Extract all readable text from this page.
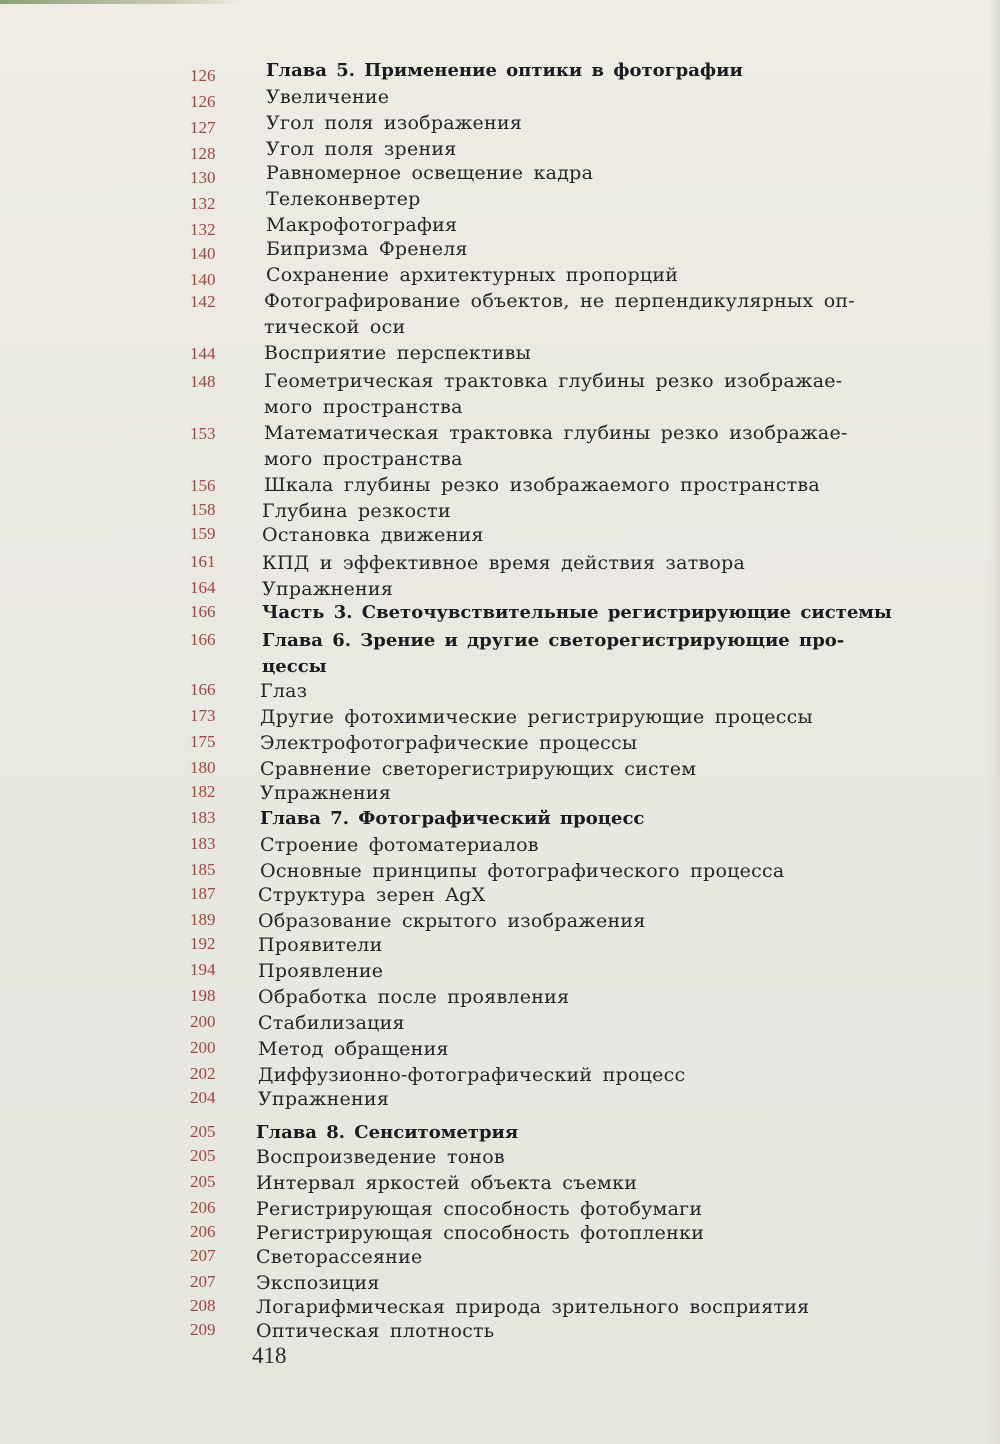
126	Глава 5. Применение оптики в фотографии
126	Увеличение
127	Угол поля изображения
128	Угол поля зрения
130	Равномерное освещение кадра
132	Телеконвертер
132	Макрофотография
140	Бипризма Френеля
140	Сохранение архитектурных пропорций
142	Фотографирование объектов, не перпендикулярных оп-
тической оси
144	Восприятие перспективы
148	Геометрическая трактовка глубины резко изображае-
мого пространства
153	Математическая трактовка глубины резко изображае-
мого пространства
156	Шкала глубины резко изображаемого пространства
158	Глубина резкости
159	Остановка движения
161	КПД и эффективное время действия затвора
164	Упражнения
166	Часть 3. Светочувствительные регистрирующие системы
166	Глава 6. Зрение и другие светорегистрирующие про-
цессы
166	Глаз
173	Другие фотохимические регистрирующие процессы
175	Электрофотографические процессы
180	Сравнение светорегистрирующих систем
182	Упражнения
183	Глава 7. Фотографический процесс
183	Строение фотоматериалов
185	Основные принципы фотографического процесса
187	Структура зерен AgX
189	Образование скрытого изображения
192	Проявители
194	Проявление
198	Обработка после проявления
200	Стабилизация
200	Метод обращения
202	Диффузионно-фотографический процесс
204	Упражнения
205	Глава 8. Сенситометрия
205	Воспроизведение тонов
205	Интервал яркостей объекта съемки
206	Регистрирующая способность фотобумаги
206	Регистрирующая способность фотопленки
207	Светорассеяние
207	Экспозиция
208	Логарифмическая природа зрительного восприятия
209	Оптическая плотность
418
